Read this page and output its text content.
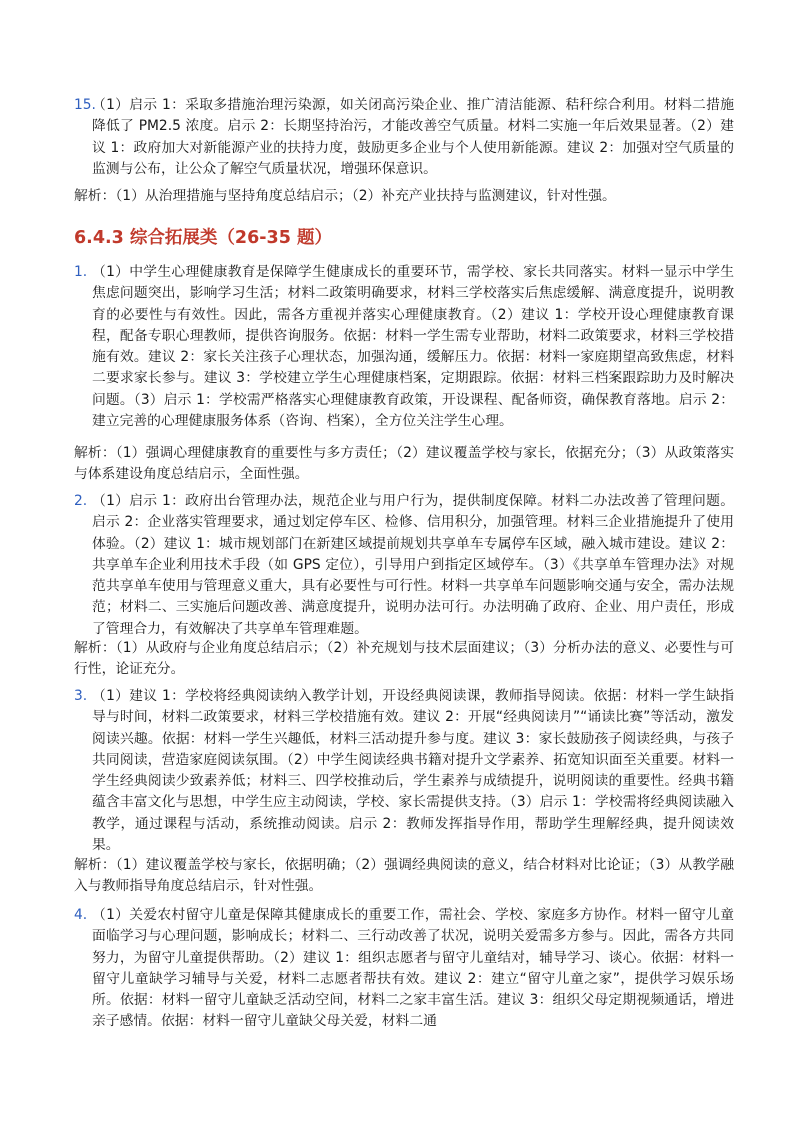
15.
（1）启示 1：采取多措施治理污染源，如关闭高污染企业、推广清洁能源、秸秆综合利用。材料二措施降低了 PM2.5 浓度。启示 2：长期坚持治污，才能改善空气质量。材料二实施一年后效果显著。（2）建议 1：政府加大对新能源产业的扶持力度，鼓励更多企业与个人使用新能源。建议 2：加强对空气质量的监测与公布，让公众了解空气质量状况，增强环保意识。
解析：（1）从治理措施与坚持角度总结启示；（2）补充产业扶持与监测建议，针对性强。
6.4.3 综合拓展类（26-35 题）
1. （1）中学生心理健康教育是保障学生健康成长的重要环节，需学校、家长共同落实。材料一显示中学生焦虑问题突出，影响学习生活；材料二政策明确要求，材料三学校落实后焦虑缓解、满意度提升，说明教育的必要性与有效性。因此，需各方重视并落实心理健康教育。（2）建议 1：学校开设心理健康教育课程，配备专职心理教师，提供咨询服务。依据：材料一学生需专业帮助，材料二政策要求，材料三学校措施有效。建议 2：家长关注孩子心理状态，加强沟通，缓解压力。依据：材料一家庭期望高致焦虑，材料二要求家长参与。建议 3：学校建立学生心理健康档案，定期跟踪。依据：材料三档案跟踪助力及时解决问题。（3）启示 1：学校需严格落实心理健康教育政策，开设课程、配备师资，确保教育落地。启示 2：建立完善的心理健康服务体系（咨询、档案），全方位关注学生心理。
解析：（1）强调心理健康教育的重要性与多方责任；（2）建议覆盖学校与家长，依据充分；（3）从政策落实与体系建设角度总结启示，全面性强。
2. （1）启示 1：政府出台管理办法，规范企业与用户行为，提供制度保障。材料二办法改善了管理问题。启示 2：企业落实管理要求，通过划定停车区、检修、信用积分，加强管理。材料三企业措施提升了使用体验。（2）建议 1：城市规划部门在新建区域提前规划共享单车专属停车区域，融入城市建设。建议 2：共享单车企业利用技术手段（如 GPS 定位），引导用户到指定区域停车。（3）《共享单车管理办法》对规范共享单车使用与管理意义重大，具有必要性与可行性。材料一共享单车问题影响交通与安全，需办法规范；材料二、三实施后问题改善、满意度提升，说明办法可行。办法明确了政府、企业、用户责任，形成了管理合力，有效解决了共享单车管理难题。
解析：（1）从政府与企业角度总结启示；（2）补充规划与技术层面建议；（3）分析办法的意义、必要性与可行性，论证充分。
3. （1）建议 1：学校将经典阅读纳入教学计划，开设经典阅读课，教师指导阅读。依据：材料一学生缺指导与时间，材料二政策要求，材料三学校措施有效。建议 2：开展“经典阅读月”“诵读比赛”等活动，激发阅读兴趣。依据：材料一学生兴趣低，材料三活动提升参与度。建议 3：家长鼓励孩子阅读经典，与孩子共同阅读，营造家庭阅读氛围。（2）中学生阅读经典书籍对提升文学素养、拓宽知识面至关重要。材料一学生经典阅读少致素养低；材料三、四学校推动后，学生素养与成绩提升，说明阅读的重要性。经典书籍蕴含丰富文化与思想，中学生应主动阅读，学校、家长需提供支持。（3）启示 1：学校需将经典阅读融入教学，通过课程与活动，系统推动阅读。启示 2：教师发挥指导作用，帮助学生理解经典，提升阅读效果。
解析：（1）建议覆盖学校与家长，依据明确；（2）强调经典阅读的意义，结合材料对比论证；（3）从教学融入与教师指导角度总结启示，针对性强。
4. （1）关爱农村留守儿童是保障其健康成长的重要工作，需社会、学校、家庭多方协作。材料一留守儿童面临学习与心理问题，影响成长；材料二、三行动改善了状况，说明关爱需多方参与。因此，需各方共同努力，为留守儿童提供帮助。（2）建议 1：组织志愿者与留守儿童结对，辅导学习、谈心。依据：材料一留守儿童缺学习辅导与关爱，材料二志愿者帮扶有效。建议 2：建立“留守儿童之家”，提供学习娱乐场所。依据：材料一留守儿童缺乏活动空间，材料二之家丰富生活。建议 3：组织父母定期视频通话，增进亲子感情。依据：材料一留守儿童缺父母关爱，材料二通
